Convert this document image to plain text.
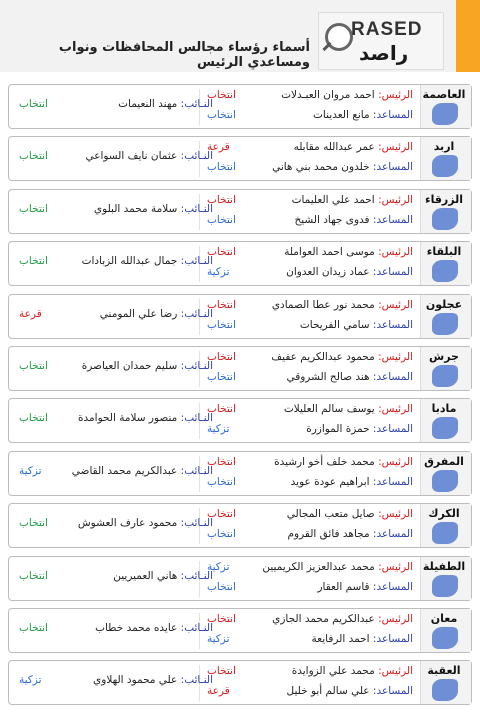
أسماء رؤساء مجالس المحافظات ونواب ومساعدي الرئيس
RASED
راصد
العاصمة
الرئيس: احمد مروان العبـدلات
المساعد: مانع العدينات
انتخاب
انتخاب
النـائب: مهند النعيمات
انتخاب
اربد
الرئيس: عمر عبدالله مقابله
المساعد: خلدون محمد بني هاني
قرعة
انتخاب
النـائب: عثمان نايف السواعي
انتخاب
الزرقاء
الرئيس: احمد علي العليمات
المساعد: فدوى جهاد الشيخ
انتخاب
انتخاب
النـائب: سلامة محمد البلوي
انتخاب
البلقاء
الرئيس: موسى احمد العواملة
المساعد: عماد زيدان العدوان
انتخاب
تزكية
النـائب: جمال عبدالله الزبادات
انتخاب
عجلون
الرئيس: محمد نور عطا الصمادي
المساعد: سامي الفريحات
انتخاب
انتخاب
النـائب: رضا علي المومني
قرعة
جرش
الرئيس: محمود عبدالكريم عفيف
المساعد: هند صالح الشروقي
انتخاب
انتخاب
النـائب: سليم حمدان العياصرة
انتخاب
مادبا
الرئيس: يوسف سالم العليلات
المساعد: حمزة الموازرة
انتخاب
تزكية
النـائب: منصور سلامة الحوامدة
انتخاب
المفرق
الرئيس: محمد خلف أخو ارشيدة
المساعد: ابراهيم عودة عويد
انتخاب
انتخاب
النـائب: عبدالكريم محمد القاضي
تزكية
الكرك
الرئيس: صايل متعب المجالي
المساعد: مجاهد فائق القروم
انتخاب
انتخاب
النـائب: محمود عارف العشوش
انتخاب
الطفيلة
الرئيس: محمد عبدالعزيز الكريميين
المساعد: قاسم العقار
تزكية
انتخاب
النـائب: هاني العميريين
انتخاب
معان
الرئيس: عبدالكريم محمد الجازي
المساعد: احمد الرفايعة
انتخاب
تزكية
النـائب: عايده محمد خطاب
انتخاب
العقبة
الرئيس: محمد علي الزوايدة
المساعد: علي سالم أبو خليل
انتخاب
قرعة
النـائب: علي محمود الهلاوي
تزكية
